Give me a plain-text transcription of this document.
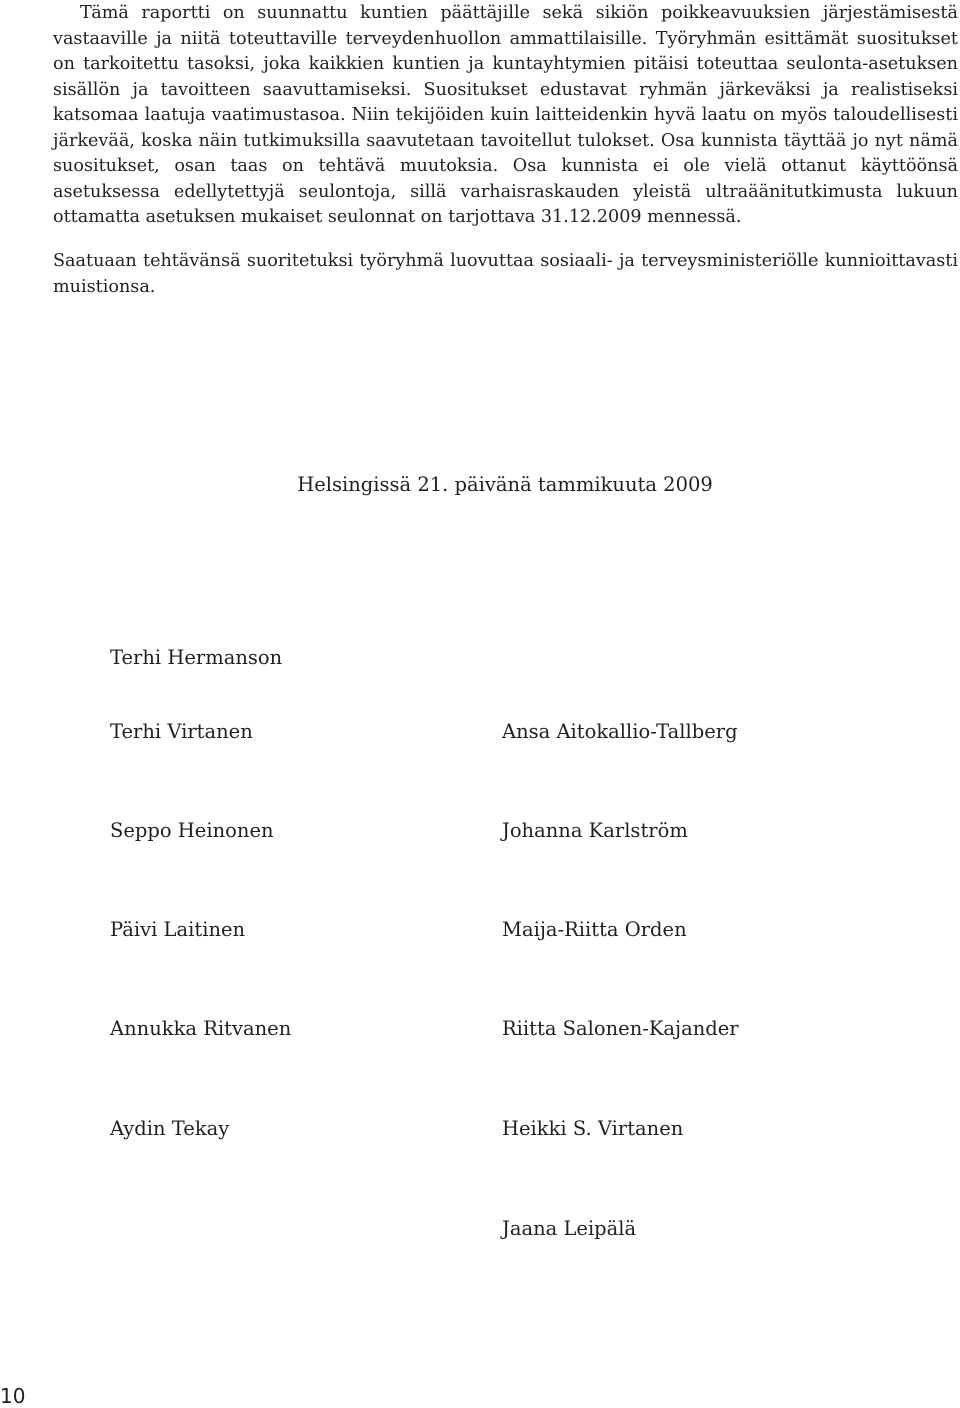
Tämä raportti on suunnattu kuntien päättäjille sekä sikiön poikkeavuuksien järjestämisestä vastaaville ja niitä toteuttaville terveydenhuollon ammattilaisille. Työryhmän esittämät suositukset on tarkoitettu tasoksi, joka kaikkien kuntien ja kuntayhtymien pitäisi toteuttaa seulonta-asetuksen sisällön ja tavoitteen saavuttamiseksi. Suositukset edustavat ryhmän järkeväksi ja realistiseksi katsomaa laatuja vaatimustasoa. Niin tekijöiden kuin laitteidenkin hyvä laatu on myös taloudellisesti järkevää, koska näin tutkimuksilla saavutetaan tavoitellut tulokset. Osa kunnista täyttää jo nyt nämä suositukset, osan taas on tehtävä muutoksia. Osa kunnista ei ole vielä ottanut käyttöönsä asetuksessa edellytettyjä seulontoja, sillä varhaisraskauden yleistä ultraäänitutkimusta lukuun ottamatta asetuksen mukaiset seulonnat on tarjottava 31.12.2009 mennessä.

Saatuaan tehtävänsä suoritetuksi työryhmä luovuttaa sosiaali- ja terveysministeriölle kunnioittavasti muistionsa.

Helsingissä 21. päivänä tammikuuta 2009
Terhi Hermanson
Terhi Virtanen
Seppo Heinonen
Päivi Laitinen
Annukka Ritvanen
Aydin Tekay
Ansa Aitokallio-Tallberg
Johanna Karlström
Maija-Riitta Orden
Riitta Salonen-Kajander
Heikki S. Virtanen
Jaana Leipälä
10
